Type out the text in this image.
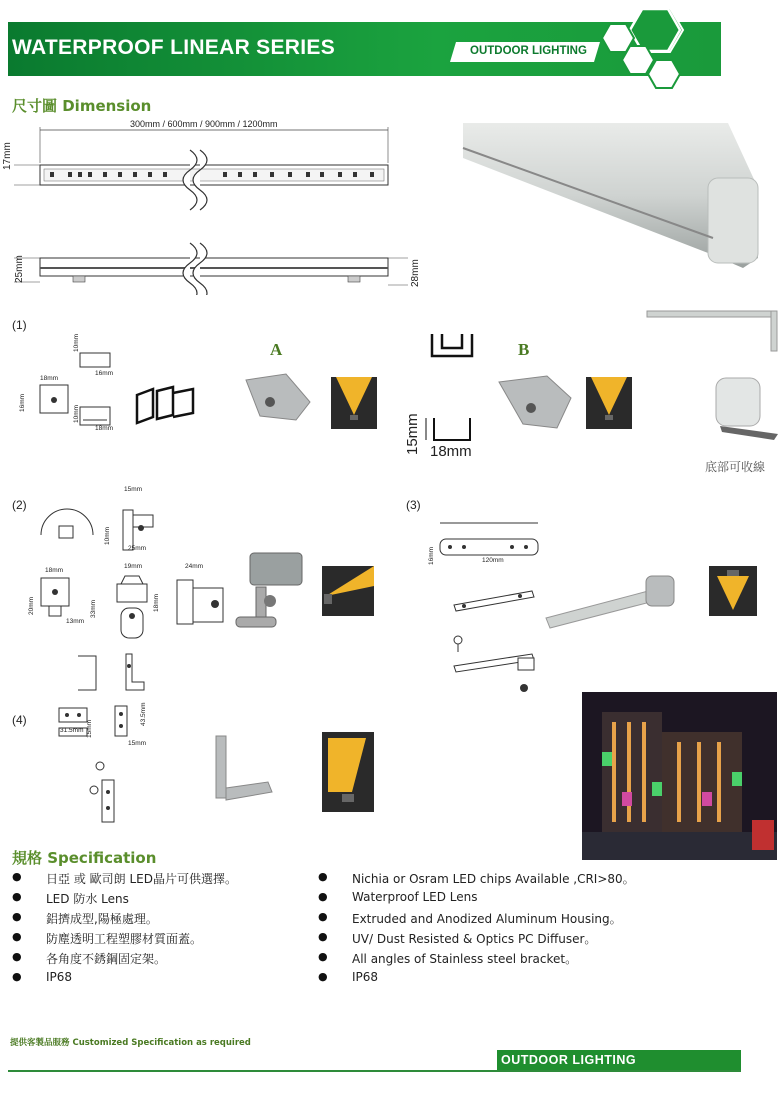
WATERPROOF LINEAR SERIES	OUTDOOR LIGHTING
尺寸圖 Dimension
300mm / 600mm / 900mm / 1200mm
17mm
25mm	28mm
(1)
10mm
16mm
18mm
16mm
10mm
18mm
A	B
15mm 18mm
底部可收線
(2)
15mm
10mm
25mm
18mm
20mm
13mm
19mm
33mm
24mm
18mm
(3)
120mm
16mm
(4)
31.5mm 15mm
43.5mm
15mm
規格 Specification
● 日亞 或 歐司朗 LED晶片可供選擇。
● LED 防水 Lens
● 鋁擠成型,陽極處理。
● 防塵透明工程塑膠材質面蓋。
● 各角度不銹鋼固定架。
● IP68
● Nichia or Osram LED chips Available ,CRI>80。
● Waterproof LED Lens
● Extruded and Anodized Aluminum Housing。
● UV/ Dust Resisted & Optics PC Diffuser。
● All angles of Stainless steel bracket。
● IP68
提供客製品服務 Customized Specification as required
OUTDOOR LIGHTING
